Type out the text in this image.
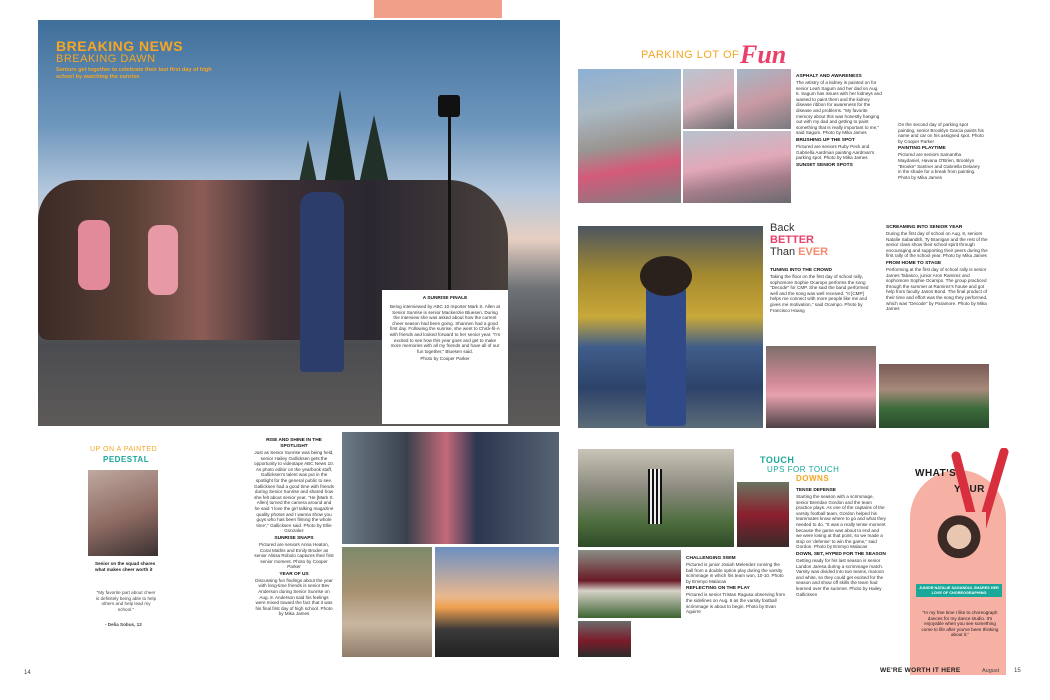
BREAKING NEWS
BREAKING DAWN
Seniors get together to celebrate their last first day of high school by watching the sunrise
A SUNRISE FINALE
Being interviewed by ABC 10 reporter Mark S. Allen at Senior Sunrise is senior Mackenzie Bluesen. During the interview she was asked about how the current cheer season had been going. Shannen had a good first day. Following the sunrise, she went to Chick-fil-A with friends and looked forward to her senior year. "I'm excited to see how this year goes and get to make more memories with all my friends and have all of our fun together," Bluesen said.
Photo by Cooper Parker
UP ON A PAINTED
PEDESTAL
Senior on the squad shares what makes cheer worth it
"My favorite part about cheer is definitely being able to help others and help lead my school."
- Delia Sobus, 12
RISE AND SHINE IN THE SPOTLIGHT
Just as Senior Sunrise was being held, senior Hailey Gallicksen gets the opportunity to videotape ABC News 10. As photo editor on the yearbook staff, Gallicksen's talent was put in the spotlight for the general public to see. Gallicksen had a good time with friends during Senior Sunrise and shared how she felt about senior year. "He [Mark S. Allen] turned the camera around and he said 'I love the girl talking magazine quality photos and I wanna show you guys who has been filming the whole time'," Gallicksen said. Photo by Ellie Gonzalez
SUNRISE SNAPS
Pictured are seniors Anna Heaton, Coral Mathis and Emily Broder as senior Alissa Robolo captures their first senior moment. Photo by Cooper Parker
YEAR OF US
Discussing fun findings about the year with long-time friends is senior Bev Anderson during Senior Sunrise on Aug. 8. Anderson said his feelings were mixed toward the fact that it was his final first day of high school. Photo by Mika James
14
PARKING LOT OF Fun
ASPHALT AND AWARENESS
The artistry of a kidney is painted on for senior Leah Sagum and her dad on Aug. 5. Sagum has issues with her kidneys and wanted to paint them and the kidney disease ribbon for awareness for the disease and problems. "My favorite memory about this was honestly hanging out with my dad and getting to paint something that is really important to me," said Sagum. Photo by Mika James
BRUSHING UP THE SPOT
Pictured are seniors Ruby Peck and Gabriella Aardman painting Aardman's parking spot. Photo by Mika James
SUNSET SENIOR SPOTS
On the second day of parking spot painting, senior Brooklyn Garcia paints his name and car on his assigned spot. Photo by Cooper Parker
PAINTING PLAYTIME
Pictured are seniors Samantha Maydaniel, Havana O'Brien, Brooklyn "Brooke" Santner and Gabriella Delaney in the shade for a break from painting. Photo by Mika James
Back
BETTER
Than EVER
TUNING INTO THE CROWD
Taking the floor on the first day of school rally, sophomore Sophie Ocampo performs the song "Decode" for CMP. She said the band performed well and the song was well received. "It [CMP] helps me connect with more people like me and gives me motivation," said Ocampo. Photo by Francisco Hoang
SCREAMING INTO SENIOR YEAR
During the first day of school on Aug. 8, seniors Natalie Sabandith, Ty Branigan and the rest of the senior class show their school spirit through encouraging and supporting their peers during the first rally of the school year. Photo by Mika James
FROM HOME TO STAGE
Performing at the first day of school rally is senior James Tabasco, junior Aron Ramirez and sophomore Sophie Ocampo. The group practiced through the summer at Ramirez's house and got help from faculty Jason Bond. The final product of their time and effort was the song they performed, which was "Decode" by Paramore. Photo by Mika James
TOUCH
UPS FOR TOUCH
DOWNS
TENSE DEFENSE
Starting the season with a scrimmage, senior Brendan Gordon and the team practice plays. As one of the captains of the varsity football team, Gordon helped his teammates know where to go and what they needed to do. "It was a really tense moment because the game was about to end and we were losing at that point, so we made a stop on 'defense' to win the game," said Gordon. Photo by Emmyo Malacas
DOWN, SET, HYPED FOR THE SEASON
Getting ready for his last season is senior Landon Jaresa during a scrimmage match. Varsity was divided into two teams, maroon and white, so they could get excited for the season and show off skills the team had learned over the summer. Photo by Hailey Gallicksen
CHALLENGING SWIM
Pictured is junior Josiah Melendez running the ball from a double option play during the varsity scrimmage in which his team won, 10-10. Photo by Emmyo Malacas
REFLECTING ON THE PLAY
Pictured is senior Tristan Ragusa observing from the sidelines on Aug. 9 as the varsity football scrimmage is about to begin. Photo by Evan Aguirre
WHAT'S
YOUR
JUNIOR NATALIE SAGANDUL SHARES HER LOVE OF CHOREOGRAPHING
"In my free time I like to choreograph dances for my dance studio. It's enjoyable when you see something come to life after you've been thinking about it."
WE'RE WORTH IT HERE	August 15
